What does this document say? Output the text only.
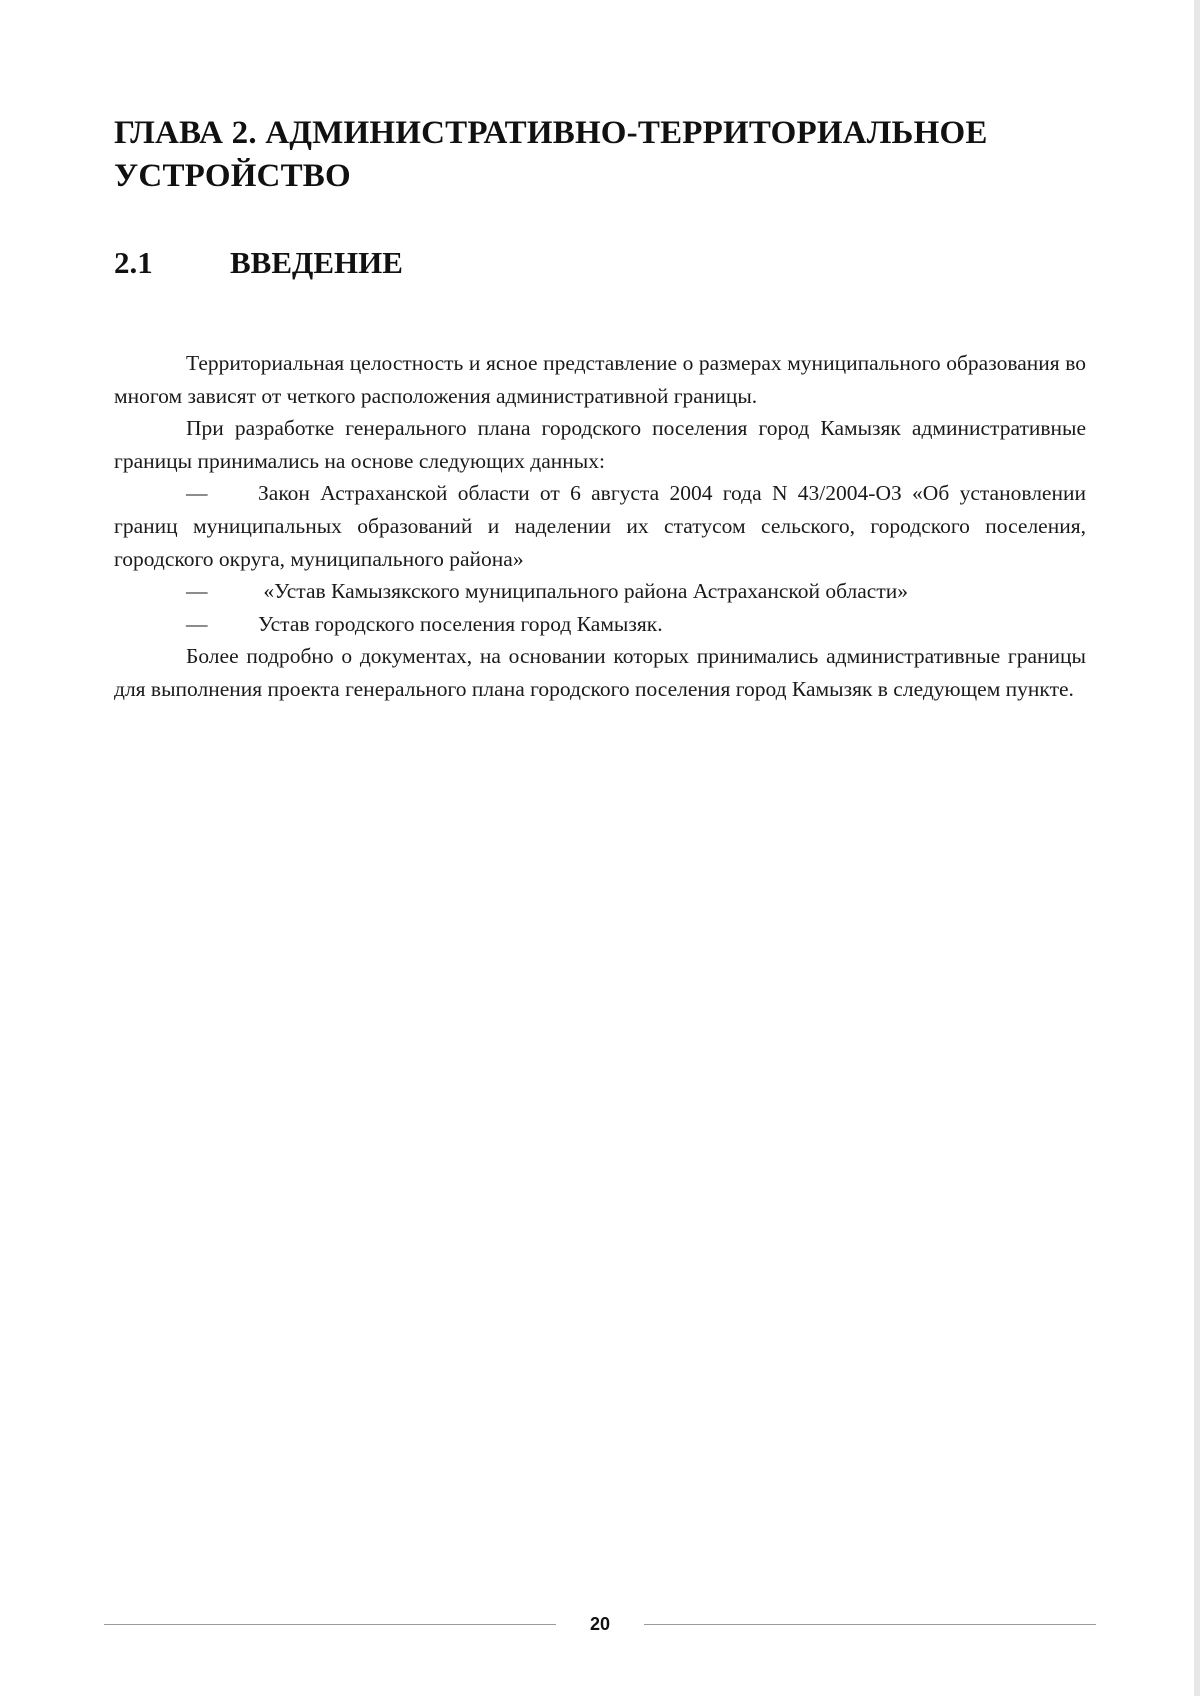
ГЛАВА 2. АДМИНИСТРАТИВНО-ТЕРРИТОРИАЛЬНОЕ УСТРОЙСТВО
2.1	ВВЕДЕНИЕ

Территориальная целостность и ясное представление о размерах муниципального образования во многом зависят от четкого расположения административной границы.

При разработке генерального плана городского поселения город Камызяк административные границы принимались на основе следующих данных:

— Закон Астраханской области от 6 августа 2004 года N 43/2004-ОЗ «Об установлении границ муниципальных образований и наделении их статусом сельского, городского поселения, городского округа, муниципального района»

— «Устав Камызякского муниципального района Астраханской области»

— Устав городского поселения город Камызяк.

Более подробно о документах, на основании которых принимались административные границы для выполнения проекта генерального плана городского поселения город Камызяк в следующем пункте.

20
